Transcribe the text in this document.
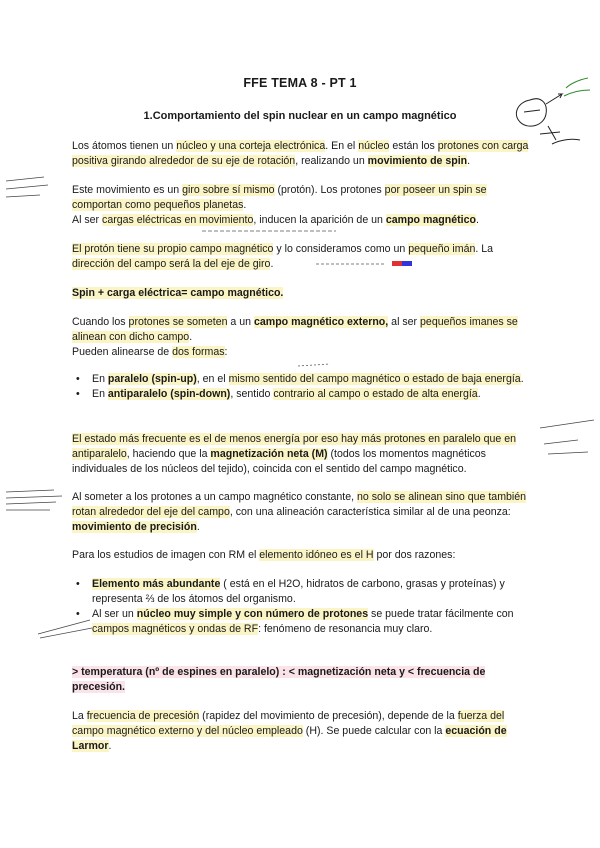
FFE TEMA 8 - PT 1
1.Comportamiento del spin nuclear en un campo magnético
Los átomos tienen un núcleo y una corteja electrónica. En el núcleo están los protones con carga positiva girando alrededor de su eje de rotación, realizando un movimiento de spin.
Este movimiento es un giro sobre sí mismo (protón). Los protones por poseer un spin se comportan como pequeños planetas.
Al ser cargas eléctricas en movimiento, inducen la aparición de un campo magnético.
El protón tiene su propio campo magnético y lo consideramos como un pequeño imán. La dirección del campo será la del eje de giro.
Spin + carga eléctrica= campo magnético.
Cuando los protones se someten a un campo magnético externo, al ser pequeños imanes se alinean con dicho campo.
Pueden alinearse de dos formas:
• En paralelo (spin-up), en el mismo sentido del campo magnético o estado de baja energía.
• En antiparalelo (spin-down), sentido contrario al campo o estado de alta energía.
El estado más frecuente es el de menos energía por eso hay más protones en paralelo que en antiparalelo, haciendo que la magnetización neta (M) (todos los momentos magnéticos individuales de los núcleos del tejido), coincida con el sentido del campo magnético.
Al someter a los protones a un campo magnético constante, no solo se alinean sino que también rotan alrededor del eje del campo, con una alineación característica similar al de una peonza: movimiento de precisión.
Para los estudios de imagen con RM el elemento idóneo es el H por dos razones:
• Elemento más abundante ( está en el H2O, hidratos de carbono, grasas y proteínas) y representa ⅔ de los átomos del organismo.
• Al ser un núcleo muy simple y con número de protones se puede tratar fácilmente con campos magnéticos y ondas de RF: fenómeno de resonancia muy claro.
> temperatura (nº de espines en paralelo) : < magnetización neta y < frecuencia de precesión.
La frecuencia de precesión (rapidez del movimiento de precesión), depende de la fuerza del campo magnético externo y del núcleo empleado (H). Se puede calcular con la ecuación de Larmor.
